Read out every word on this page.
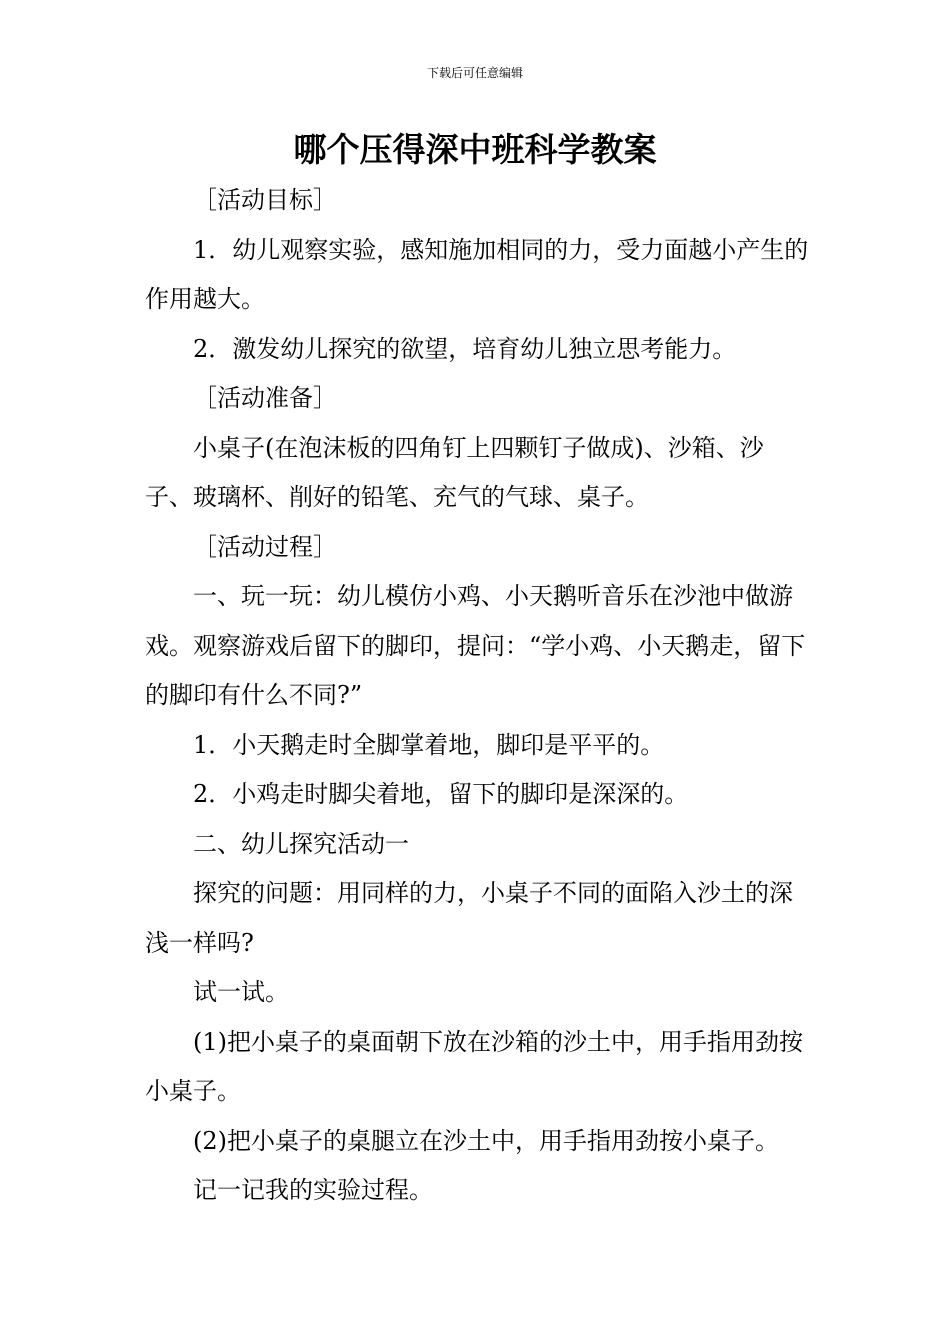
下载后可任意编辑
哪个压得深中班科学教案

［活动目标］

1．幼儿观察实验，感知施加相同的力，受力面越小产生的作用越大。

2．激发幼儿探究的欲望，培育幼儿独立思考能力。

［活动准备］

小桌子(在泡沫板的四角钉上四颗钉子做成)、沙箱、沙子、玻璃杯、削好的铅笔、充气的气球、桌子。

［活动过程］

一、玩一玩：幼儿模仿小鸡、小天鹅听音乐在沙池中做游戏。观察游戏后留下的脚印，提问：“学小鸡、小天鹅走，留下的脚印有什么不同?”

1．小天鹅走时全脚掌着地，脚印是平平的。

2．小鸡走时脚尖着地，留下的脚印是深深的。

二、幼儿探究活动一

探究的问题：用同样的力，小桌子不同的面陷入沙土的深浅一样吗?

试一试。

(1)把小桌子的桌面朝下放在沙箱的沙土中，用手指用劲按小桌子。

(2)把小桌子的桌腿立在沙土中，用手指用劲按小桌子。

记一记我的实验过程。
